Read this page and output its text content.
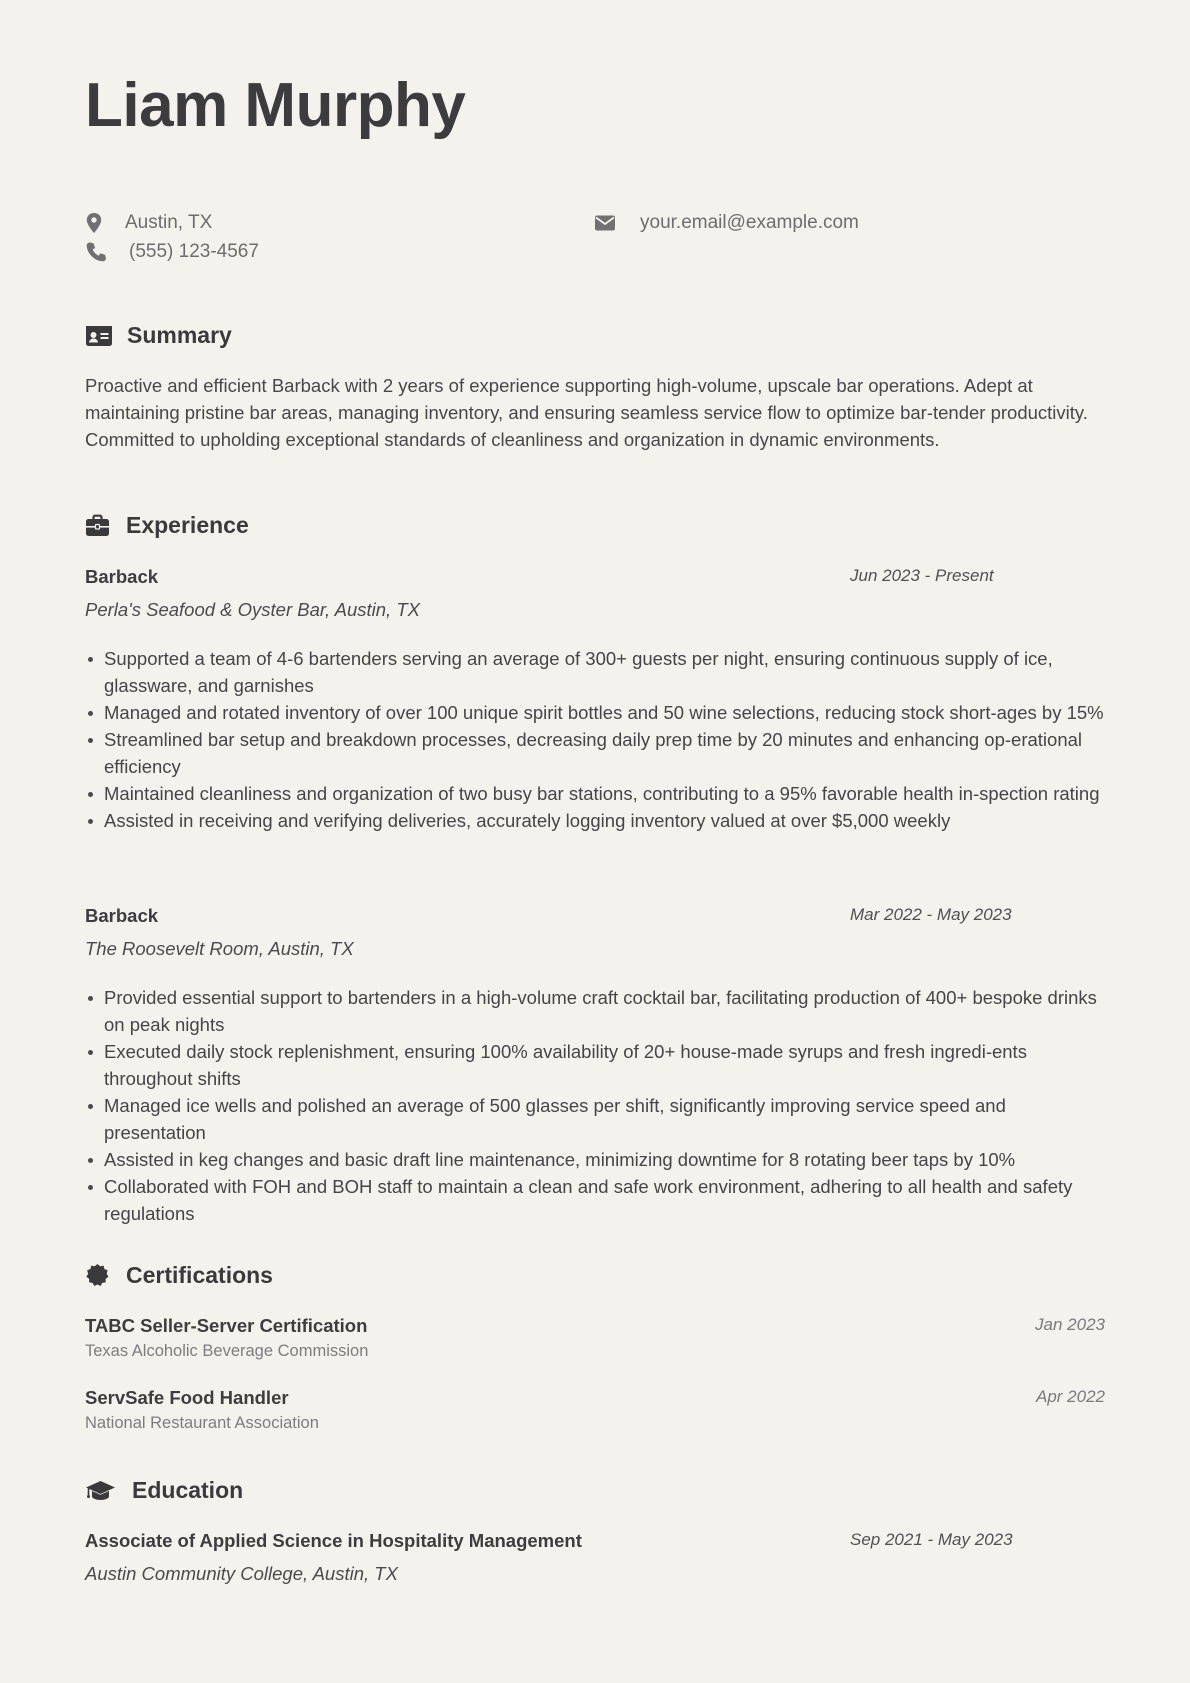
Liam Murphy
Austin, TX
(555) 123-4567
your.email@example.com
Summary
Proactive and efficient Barback with 2 years of experience supporting high-volume, upscale bar operations. Adept at maintaining pristine bar areas, managing inventory, and ensuring seamless service flow to optimize bar-tender productivity. Committed to upholding exceptional standards of cleanliness and organization in dynamic environments.
Experience
Barback	Jun 2023 - Present
Perla's Seafood & Oyster Bar, Austin, TX
Supported a team of 4-6 bartenders serving an average of 300+ guests per night, ensuring continuous supply of ice, glassware, and garnishes
Managed and rotated inventory of over 100 unique spirit bottles and 50 wine selections, reducing stock short-ages by 15%
Streamlined bar setup and breakdown processes, decreasing daily prep time by 20 minutes and enhancing op-erational efficiency
Maintained cleanliness and organization of two busy bar stations, contributing to a 95% favorable health in-spection rating
Assisted in receiving and verifying deliveries, accurately logging inventory valued at over $5,000 weekly
Barback	Mar 2022 - May 2023
The Roosevelt Room, Austin, TX
Provided essential support to bartenders in a high-volume craft cocktail bar, facilitating production of 400+ bespoke drinks on peak nights
Executed daily stock replenishment, ensuring 100% availability of 20+ house-made syrups and fresh ingredi-ents throughout shifts
Managed ice wells and polished an average of 500 glasses per shift, significantly improving service speed and presentation
Assisted in keg changes and basic draft line maintenance, minimizing downtime for 8 rotating beer taps by 10%
Collaborated with FOH and BOH staff to maintain a clean and safe work environment, adhering to all health and safety regulations
Certifications
TABC Seller-Server Certification	Jan 2023
Texas Alcoholic Beverage Commission
ServSafe Food Handler	Apr 2022
National Restaurant Association
Education
Associate of Applied Science in Hospitality Management	Sep 2021 - May 2023
Austin Community College, Austin, TX
